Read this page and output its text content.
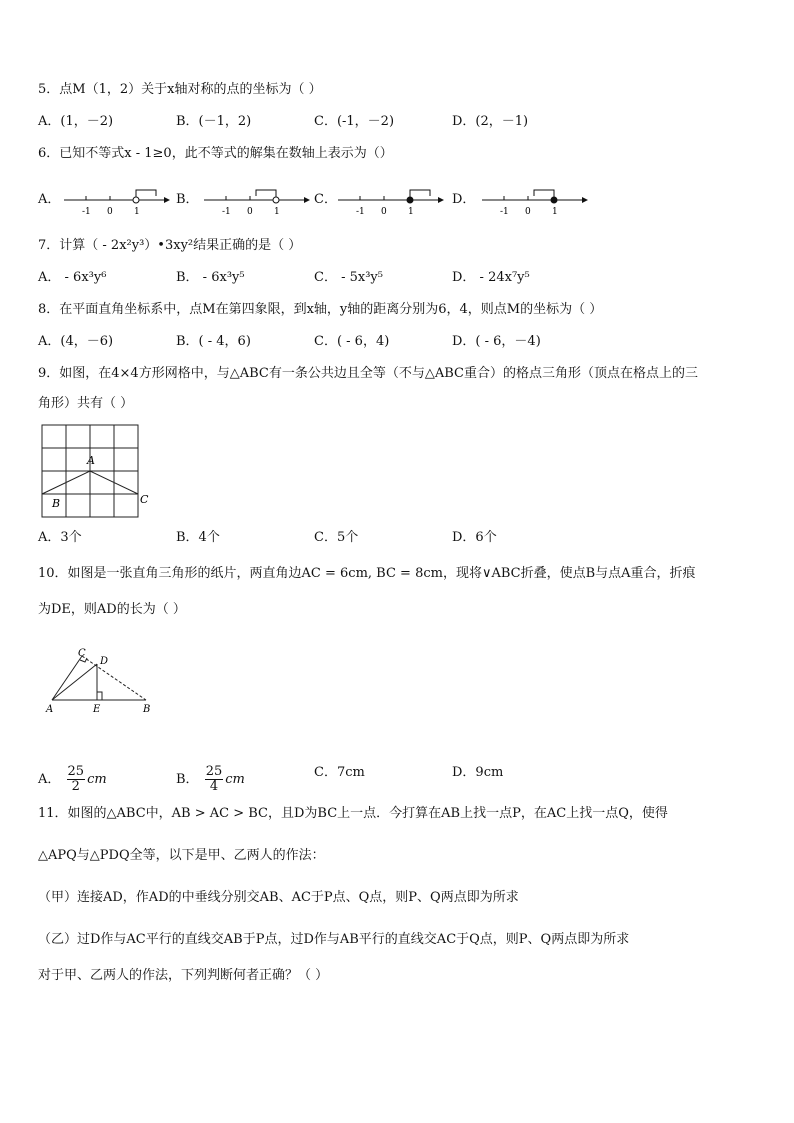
5．点M（1，2）关于x轴对称的点的坐标为（ ）
A．(1，－2)	B．(－1，2)	C．(-1，－2)	D．(2，－1)
6．已知不等式x - 1≥0，此不等式的解集在数轴上表示为（）
A．	B．	C．	D．
-1 0 1	-1 0 1	-1 0 1	-1 0 1
7．计算（ - 2x²y³）•3xy²结果正确的是（ ）
A． - 6x³y⁶	B． - 6x³y⁵	C． - 5x³y⁵	D． - 24x⁷y⁵
8．在平面直角坐标系中，点M在第四象限，到x轴，y轴的距离分别为6，4，则点M的坐标为（ ）
A．(4，－6)	B．( - 4，6)	C．( - 6，4)	D．( - 6，－4)
9．如图，在4×4方形网格中，与△ABC有一条公共边且全等（不与△ABC重合）的格点三角形（顶点在格点上的三
角形）共有（ ）
A
B	C
A．3个	B．4个	C．5个	D．6个
10．如图是一张直角三角形的纸片，两直角边AC = 6cm, BC = 8cm，现将∨ABC折叠，使点B与点A重合，折痕
为DE，则AD的长为（ ）
C
D
A	E	B
A． $\frac{25}{2}$ cm	B． $\frac{25}{4}$ cm	C．7cm	D．9cm
11．如图的△ABC中，AB > AC > BC，且D为BC上一点．今打算在AB上找一点P，在AC上找一点Q，使得
△APQ与△PDQ全等，以下是甲、乙两人的作法：
（甲）连接AD，作AD的中垂线分别交AB、AC于P点、Q点，则P、Q两点即为所求
（乙）过D作与AC平行的直线交AB于P点，过D作与AB平行的直线交AC于Q点，则P、Q两点即为所求
对于甲、乙两人的作法，下列判断何者正确？（ ）
